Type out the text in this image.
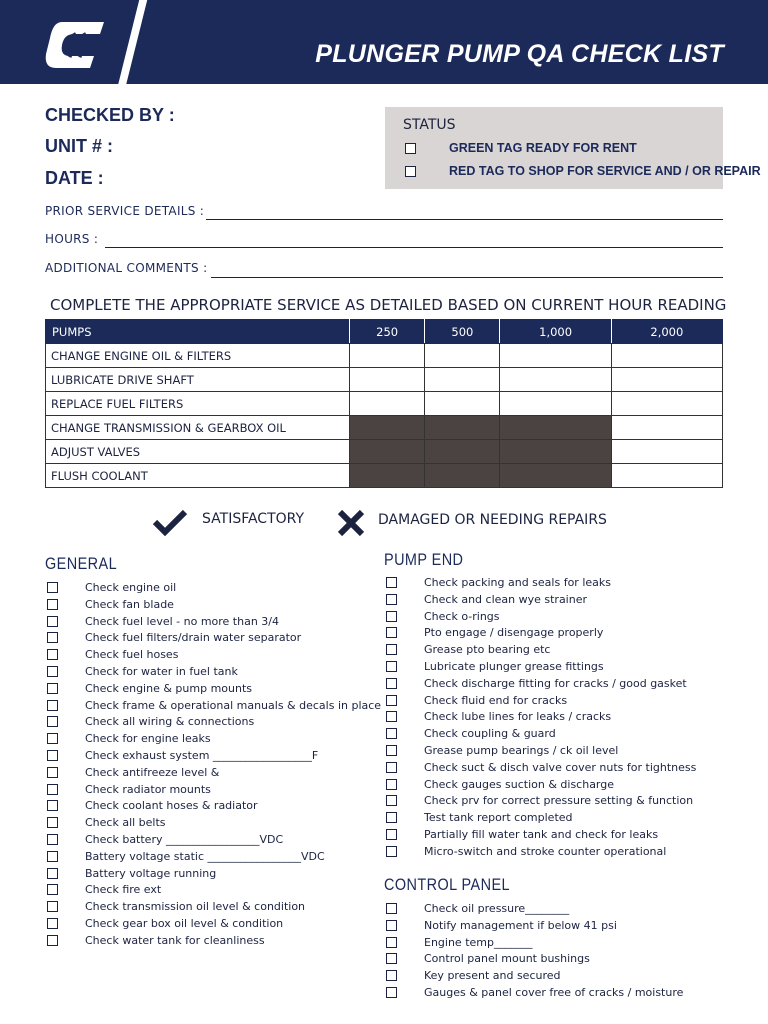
PLUNGER PUMP QA CHECK LIST
CHECKED BY :
UNIT # :
DATE :
STATUS
GREEN TAG READY FOR RENT
RED TAG TO SHOP FOR SERVICE AND / OR REPAIR
PRIOR SERVICE DETAILS :
HOURS :
ADDITIONAL COMMENTS :
COMPLETE THE APPROPRIATE SERVICE AS DETAILED BASED ON CURRENT HOUR READING
PUMPS	250	500	1,000	2,000
CHANGE ENGINE OIL & FILTERS				
LUBRICATE DRIVE SHAFT				
REPLACE FUEL FILTERS				
CHANGE TRANSMISSION & GEARBOX OIL				
ADJUST VALVES				
FLUSH COOLANT				
SATISFACTORY	DAMAGED OR NEEDING REPAIRS
GENERAL
Check engine oil
Check fan blade
Check fuel level - no more than 3/4
Check fuel filters/drain water separator
Check fuel hoses
Check for water in fuel tank
Check engine & pump mounts
Check frame & operational manuals & decals in place
Check all wiring & connections
Check for engine leaks
Check exhaust system __________________F
Check antifreeze level &
Check radiator mounts
Check coolant hoses & radiator
Check all belts
Check battery _________________VDC
Battery voltage static _________________VDC
Battery voltage running
Check fire ext
Check transmission oil level & condition
Check gear box oil level & condition
Check water tank for cleanliness
PUMP END
Check packing and seals for leaks
Check and clean wye strainer
Check o-rings
Pto engage / disengage properly
Grease pto bearing etc
Lubricate plunger grease fittings
Check discharge fitting for cracks / good gasket
Check fluid end for cracks
Check lube lines for leaks / cracks
Check coupling & guard
Grease pump bearings / ck oil level
Check suct & disch valve cover nuts for tightness
Check gauges suction & discharge
Check prv for correct pressure setting & function
Test tank report completed
Partially fill water tank and check for leaks
Micro-switch and stroke counter operational
CONTROL PANEL
Check oil pressure________
Notify management if below 41 psi
Engine temp_______
Control panel mount bushings
Key present and secured
Gauges & panel cover free of cracks / moisture
